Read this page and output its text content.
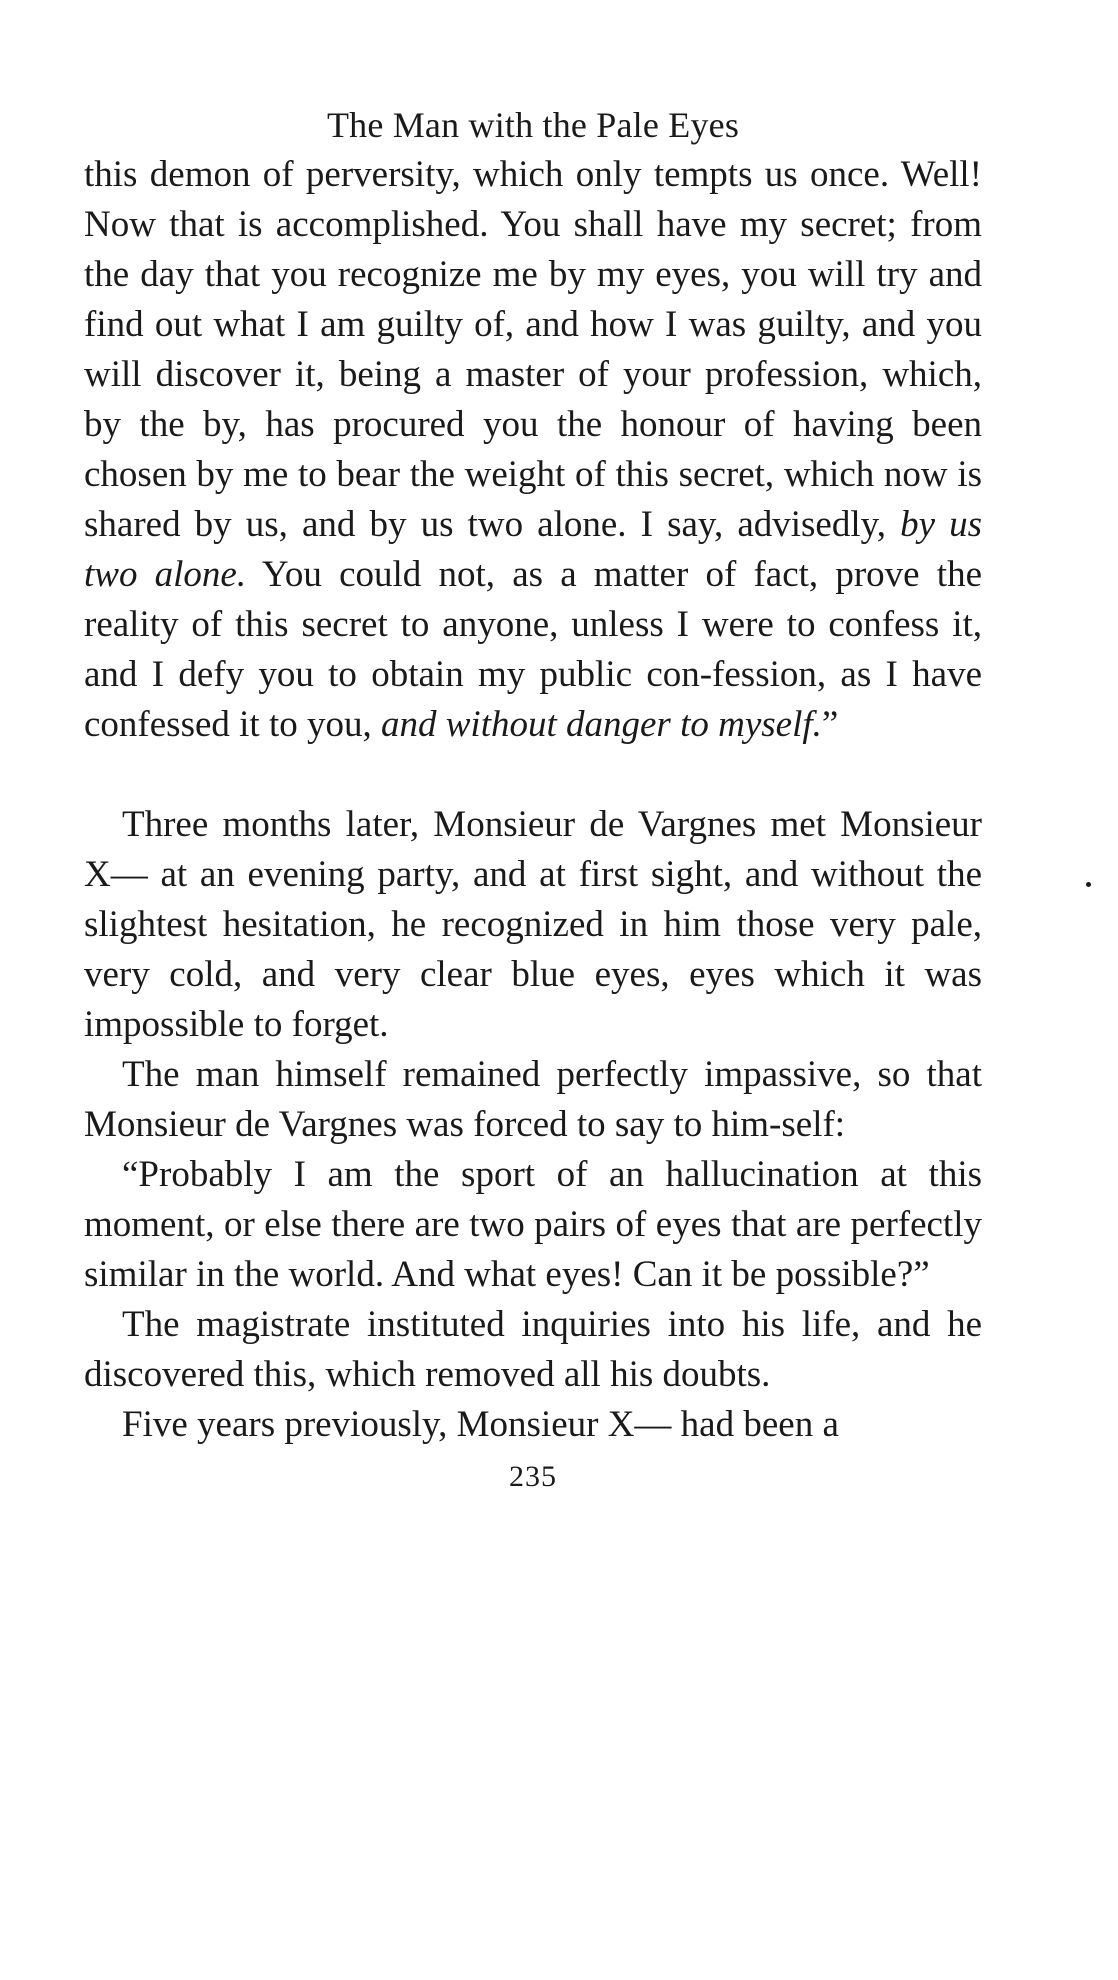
The Man with the Pale Eyes

this demon of perversity, which only tempts us once. Well! Now that is accomplished. You shall have my secret; from the day that you recognize me by my eyes, you will try and find out what I am guilty of, and how I was guilty, and you will discover it, being a master of your profession, which, by the by, has procured you the honour of having been chosen by me to bear the weight of this secret, which now is shared by us, and by us two alone. I say, advisedly, by us two alone. You could not, as a matter of fact, prove the reality of this secret to anyone, unless I were to confess it, and I defy you to obtain my public con-fession, as I have confessed it to you, and without danger to myself.”

Three months later, Monsieur de Vargnes met Monsieur X— at an evening party, and at first sight, and without the slightest hesitation, he recognized in him those very pale, very cold, and very clear blue eyes, eyes which it was impossible to forget.

The man himself remained perfectly impassive, so that Monsieur de Vargnes was forced to say to him-self:

“Probably I am the sport of an hallucination at this moment, or else there are two pairs of eyes that are perfectly similar in the world. And what eyes! Can it be possible?”

The magistrate instituted inquiries into his life, and he discovered this, which removed all his doubts.

Five years previously, Monsieur X— had been a

235
